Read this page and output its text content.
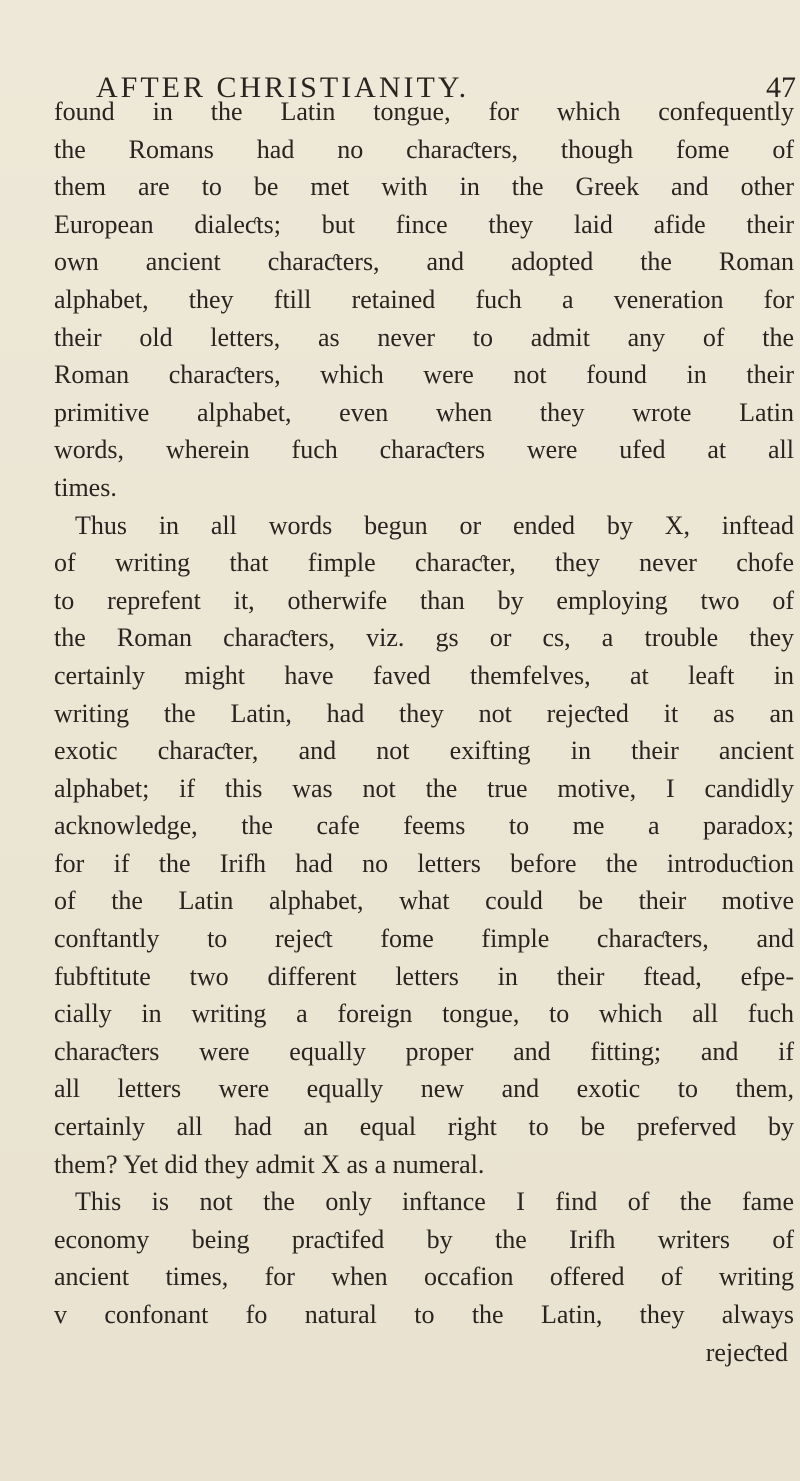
AFTER CHRISTIANITY.	47
found in the Latin tongue, for which confequently
the Romans had no charaƈters, though fome of
them are to be met with in the Greek and other
European dialeƈts; but fince they laid afide their
own ancient charaƈters, and adopted the Roman
alphabet, they ftill retained fuch a veneration for
their old letters, as never to admit any of the
Roman charaƈters, which were not found in their
primitive alphabet, even when they wrote Latin
words, wherein fuch charaƈters were ufed at all
times.
Thus in all words begun or ended by X, inftead
of writing that fimple charaƈter, they never chofe
to reprefent it, otherwife than by employing two of
the Roman charaƈters, viz. gs or cs, a trouble they
certainly might have faved themfelves, at leaft in
writing the Latin, had they not rejeƈted it as an
exotic charaƈter, and not exifting in their ancient
alphabet; if this was not the true motive, I candidly
acknowledge, the cafe feems to me a paradox;
for if the Irifh had no letters before the introduƈtion
of the Latin alphabet, what could be their motive
conftantly to rejeƈt fome fimple charaƈters, and
fubftitute two different letters in their ftead, efpe-
cially in writing a foreign tongue, to which all fuch
charaƈters were equally proper and fitting; and if
all letters were equally new and exotic to them,
certainly all had an equal right to be preferved by
them? Yet did they admit X as a numeral.
This is not the only inftance I find of the fame
economy being praƈtifed by the Irifh writers of
ancient times, for when occafion offered of writing
v confonant fo natural to the Latin, they always
rejeƈted
